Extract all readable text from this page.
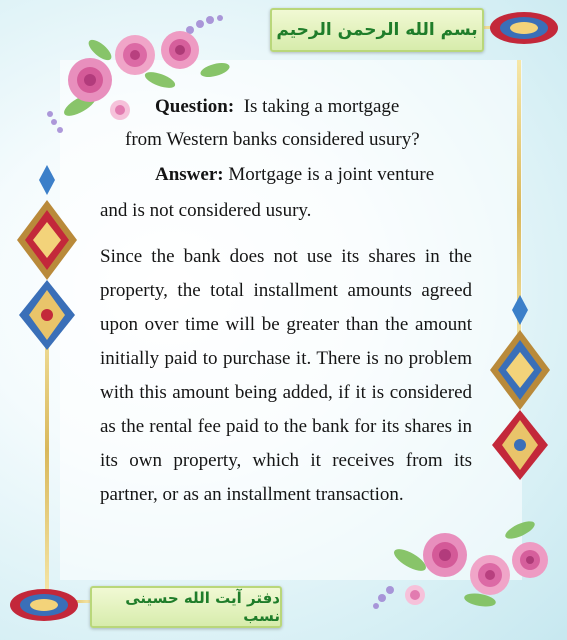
بسم الله الرحمن الرحيم
دفتر آیت الله حسینی نسب
Question: Is taking a mortgage
from Western banks considered usury?
Answer: Mortgage is a joint venture
and is not considered usury.
Since the bank does not use its shares in the property, the total installment amounts agreed upon over time will be greater than the amount initially paid to purchase it. There is no problem with this amount being added, if it is considered as the rental fee paid to the bank for its shares in its own property, which it receives from its partner, or as an installment transaction.
